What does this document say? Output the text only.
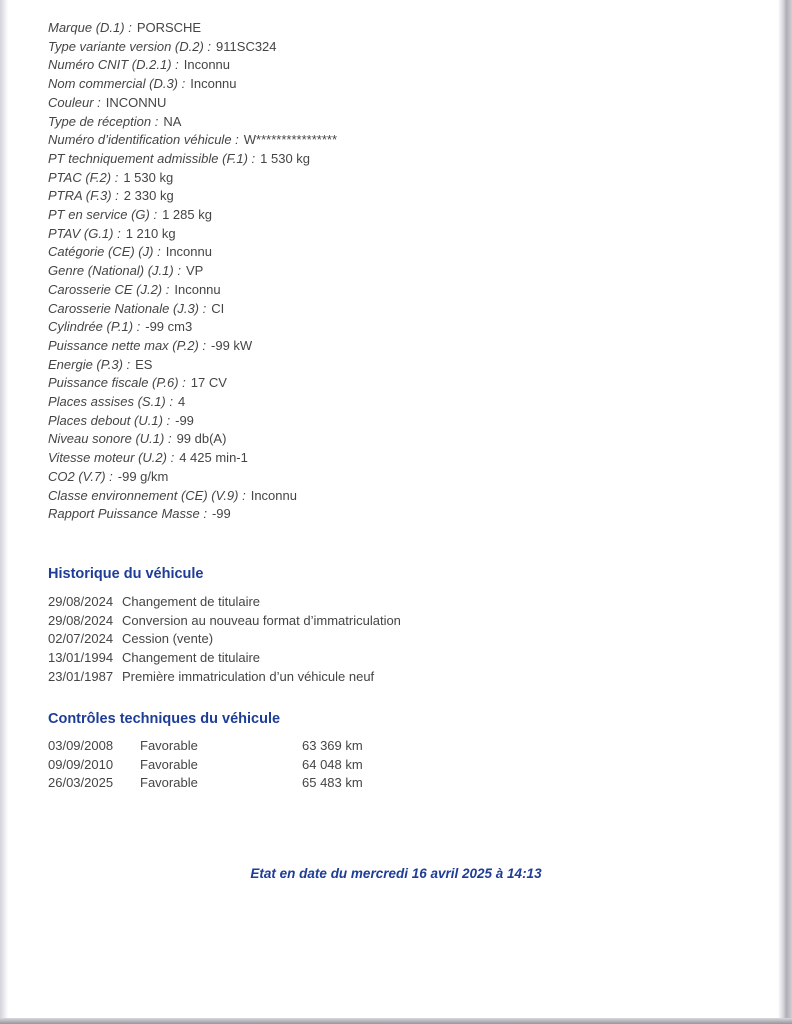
Marque (D.1) : PORSCHE
Type variante version (D.2) : 911SC324
Numéro CNIT (D.2.1) : Inconnu
Nom commercial (D.3) : Inconnu
Couleur : INCONNU
Type de réception : NA
Numéro d’identification véhicule : W****************
PT techniquement admissible (F.1) : 1 530 kg
PTAC (F.2) : 1 530 kg
PTRA (F.3) : 2 330 kg
PT en service (G) : 1 285 kg
PTAV (G.1) : 1 210 kg
Catégorie (CE) (J) : Inconnu
Genre (National) (J.1) : VP
Carosserie CE (J.2) : Inconnu
Carosserie Nationale (J.3) : CI
Cylindrée (P.1) : -99 cm3
Puissance nette max (P.2) : -99 kW
Energie (P.3) : ES
Puissance fiscale (P.6) : 17 CV
Places assises (S.1) : 4
Places debout (U.1) : -99
Niveau sonore (U.1) : 99 db(A)
Vitesse moteur (U.2) : 4 425 min-1
CO2 (V.7) : -99 g/km
Classe environnement (CE) (V.9) : Inconnu
Rapport Puissance Masse : -99
Historique du véhicule
29/08/2024 Changement de titulaire
29/08/2024 Conversion au nouveau format d’immatriculation
02/07/2024 Cession (vente)
13/01/1994 Changement de titulaire
23/01/1987 Première immatriculation d’un véhicule neuf
Contrôles techniques du véhicule
03/09/2008 Favorable	63 369 km
09/09/2010 Favorable	64 048 km
26/03/2025 Favorable	65 483 km
Etat en date du mercredi 16 avril 2025 à 14:13
